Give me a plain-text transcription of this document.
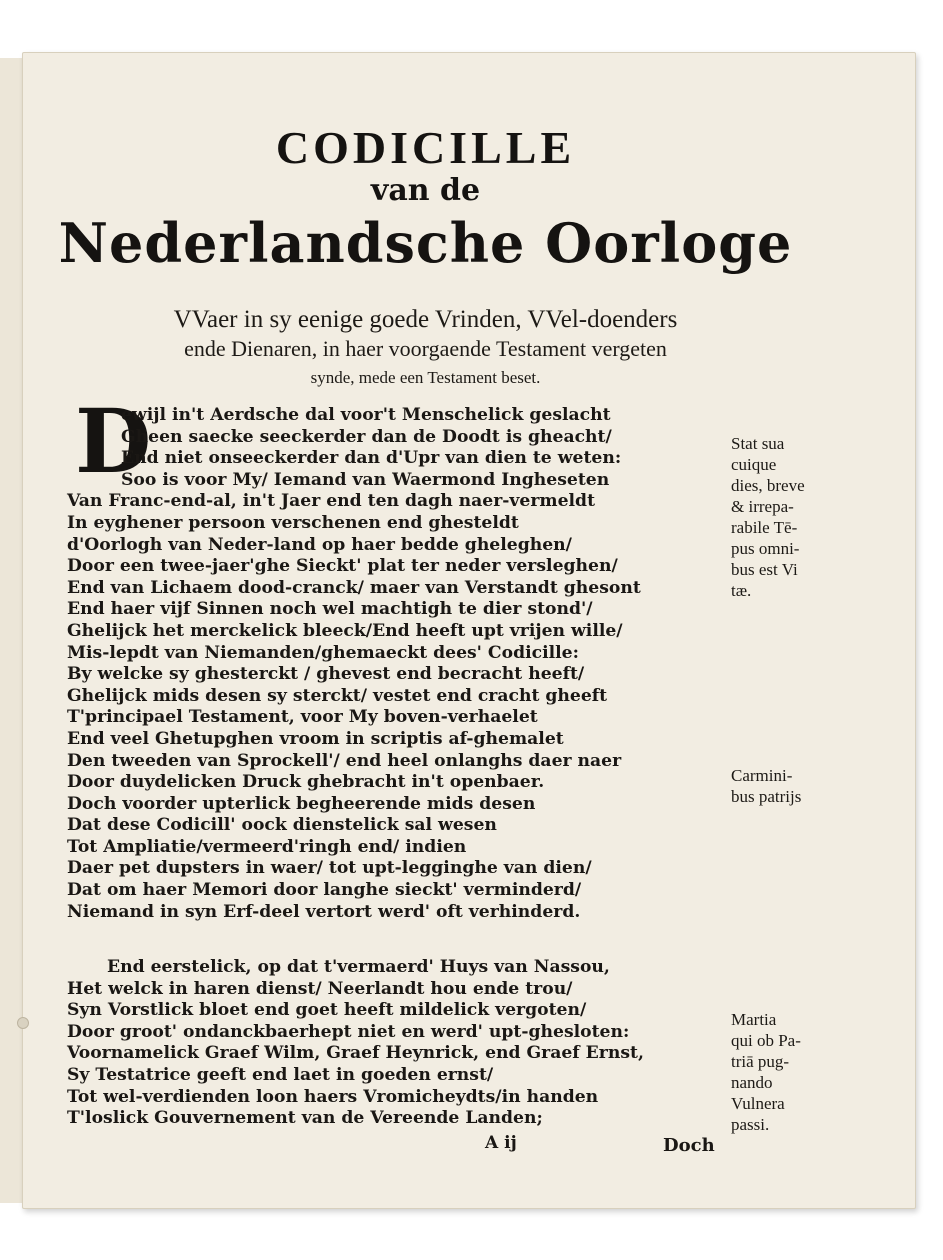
CODICILLE
van de
Nederlandsche Oorloge
VVaer in sy eenige goede Vrinden, VVel-doenders
ende Dienaren, in haer voorgaende Testament vergeten
synde, mede een Testament beset.
D
ewijl in't Aerdsche dal voor't Menschelick geslacht
Gheen saecke seeckerder dan de Doodt is gheacht/
End niet onseeckerder dan d'Upr van dien te weten:
Soo is voor My/ Iemand van Waermond Ingheseten
Van Franc-end-al, in't Jaer end ten dagh naer-vermeldt
In eyghener persoon verschenen end ghesteldt
d'Oorlogh van Neder-land op haer bedde gheleghen/
Door een twee-jaer'ghe Sieckt' plat ter neder versleghen/
End van Lichaem dood-cranck/ maer van Verstandt ghesont
End haer vijf Sinnen noch wel machtigh te dier stond'/
Ghelijck het merckelick bleeck/End heeft upt vrijen wille/
Mis-lepdt van Niemanden/ghemaeckt dees' Codicille:
By welcke sy ghesterckt / ghevest end becracht heeft/
Ghelijck mids desen sy sterckt/ vestet end cracht gheeft
T'principael Testament, voor My boven-verhaelet
End veel Ghetupghen vroom in scriptis af-ghemalet
Den tweeden van Sprockell'/ end heel onlanghs daer naer
Door duydelicken Druck ghebracht in't openbaer.
Doch voorder upterlick begheerende mids desen
Dat dese Codicill' oock dienstelick sal wesen
Tot Ampliatie/vermeerd'ringh end/ indien
Daer pet dupsters in waer/ tot upt-legginghe van dien/
Dat om haer Memori door langhe sieckt' verminderd/
Niemand in syn Erf-deel vertort werd' oft verhinderd.
End eerstelick, op dat t'vermaerd' Huys van Nassou,
Het welck in haren dienst/ Neerlandt hou ende trou/
Syn Vorstlick bloet end goet heeft mildelick vergoten/
Door groot' ondanckbaerhept niet en werd' upt-ghesloten:
Voornamelick Graef Wilm, Graef Heynrick, end Graef Ernst,
Sy Testatrice geeft end laet in goeden ernst/
Tot wel-verdienden loon haers Vromicheydts/in handen
T'loslick Gouvernement van de Vereende Landen;
Stat sua
cuique
dies, breve
& irrepa-
rabile Tē-
pus omni-
bus est Vi
tæ.
Carmini-
bus patrijs
Martia
qui ob Pa-
triā pug-
nando
Vulnera
passi.
A ij	Doch
